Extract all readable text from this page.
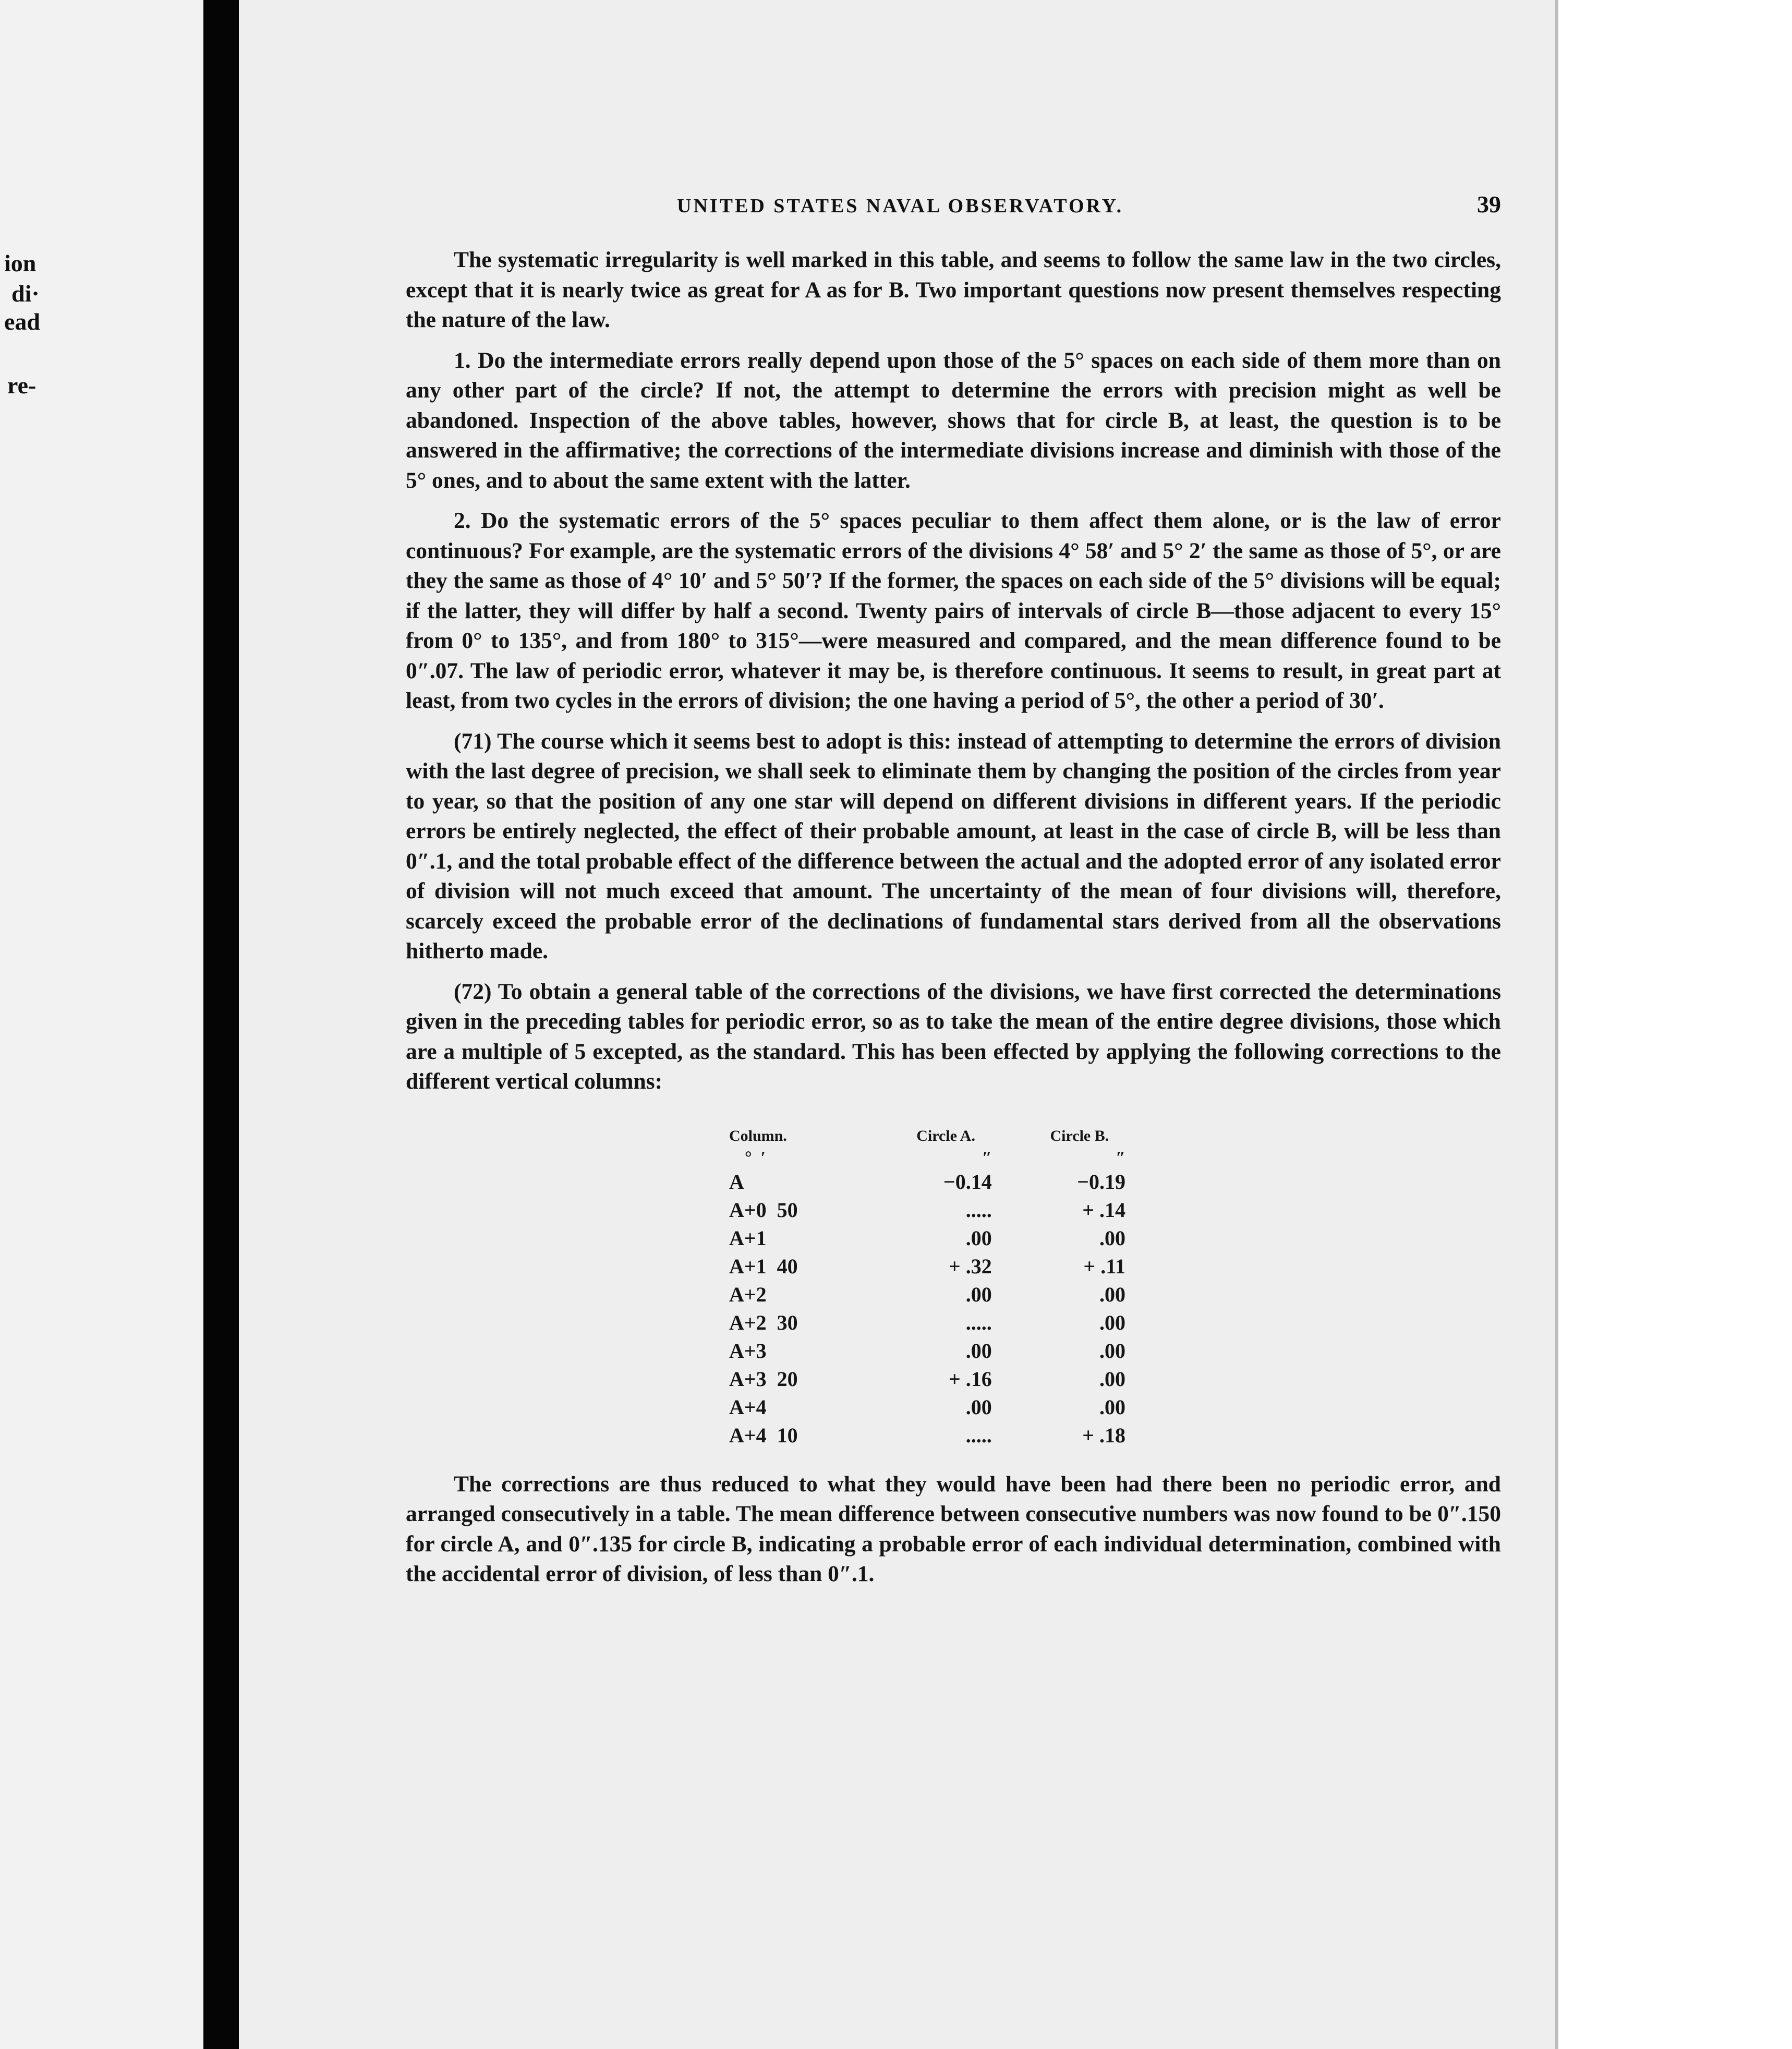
ion
di·
ead
re-
UNITED STATES NAVAL OBSERVATORY.	39

The systematic irregularity is well marked in this table, and seems to follow the same law in the two circles, except that it is nearly twice as great for A as for B. Two important questions now present themselves respecting the nature of the law.

1. Do the intermediate errors really depend upon those of the 5° spaces on each side of them more than on any other part of the circle? If not, the attempt to determine the errors with precision might as well be abandoned. Inspection of the above tables, however, shows that for circle B, at least, the question is to be answered in the affirmative; the corrections of the intermediate divisions increase and diminish with those of the 5° ones, and to about the same extent with the latter.

2. Do the systematic errors of the 5° spaces peculiar to them affect them alone, or is the law of error continuous? For example, are the systematic errors of the divisions 4° 58′ and 5° 2′ the same as those of 5°, or are they the same as those of 4° 10′ and 5° 50′? If the former, the spaces on each side of the 5° divisions will be equal; if the latter, they will differ by half a second. Twenty pairs of intervals of circle B—those adjacent to every 15° from 0° to 135°, and from 180° to 315°—were measured and compared, and the mean difference found to be 0″.07. The law of periodic error, whatever it may be, is therefore continuous. It seems to result, in great part at least, from two cycles in the errors of division; the one having a period of 5°, the other a period of 30′.

(71) The course which it seems best to adopt is this: instead of attempting to determine the errors of division with the last degree of precision, we shall seek to eliminate them by changing the position of the circles from year to year, so that the position of any one star will depend on different divisions in different years. If the periodic errors be entirely neglected, the effect of their probable amount, at least in the case of circle B, will be less than 0″.1, and the total probable effect of the difference between the actual and the adopted error of any isolated error of division will not much exceed that amount. The uncertainty of the mean of four divisions will, therefore, scarcely exceed the probable error of the declinations of fundamental stars derived from all the observations hitherto made.

(72) To obtain a general table of the corrections of the divisions, we have first corrected the determinations given in the preceding tables for periodic error, so as to take the mean of the entire degree divisions, those which are a multiple of 5 excepted, as the standard. This has been effected by applying the following corrections to the different vertical columns:

Column.	Circle A.	Circle B.
°  ′	″	″
A	−0.14	−0.19
A+0  50	.....	+ .14
A+1	.00	.00
A+1  40	+ .32	+ .11
A+2	.00	.00
A+2  30	.....	.00
A+3	.00	.00
A+3  20	+ .16	.00
A+4	.00	.00
A+4  10	.....	+ .18

The corrections are thus reduced to what they would have been had there been no periodic error, and arranged consecutively in a table. The mean difference between consecutive numbers was now found to be 0″.150 for circle A, and 0″.135 for circle B, indicating a probable error of each individual determination, combined with the accidental error of division, of less than 0″.1.
